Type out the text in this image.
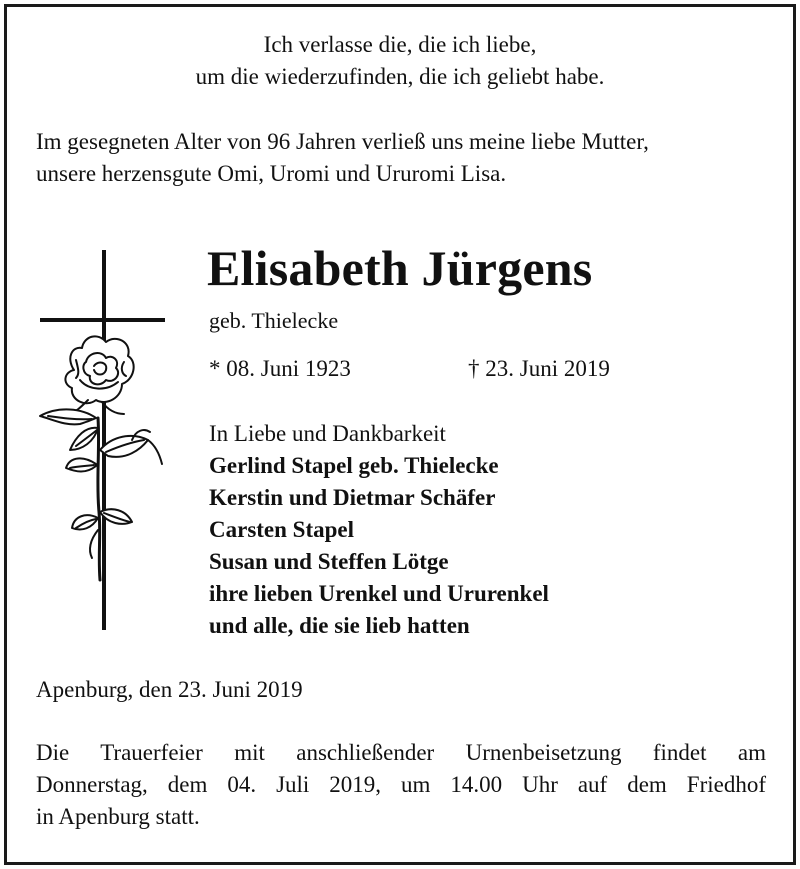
Ich verlasse die, die ich liebe,
um die wiederzufinden, die ich geliebt habe.
Im gesegneten Alter von 96 Jahren verließ uns meine liebe Mutter,
unsere herzensgute Omi, Uromi und Ururomi Lisa.
Elisabeth Jürgens
geb. Thielecke
* 08. Juni 1923	† 23. Juni 2019
In Liebe und Dankbarkeit
Gerlind Stapel geb. Thielecke
Kerstin und Dietmar Schäfer
Carsten Stapel
Susan und Steffen Lötge
ihre lieben Urenkel und Ururenkel
und alle, die sie lieb hatten
Apenburg, den 23. Juni 2019
Die Trauerfeier mit anschließender Urnenbeisetzung findet am
Donnerstag, dem 04. Juli 2019, um 14.00 Uhr auf dem Friedhof
in Apenburg statt.
